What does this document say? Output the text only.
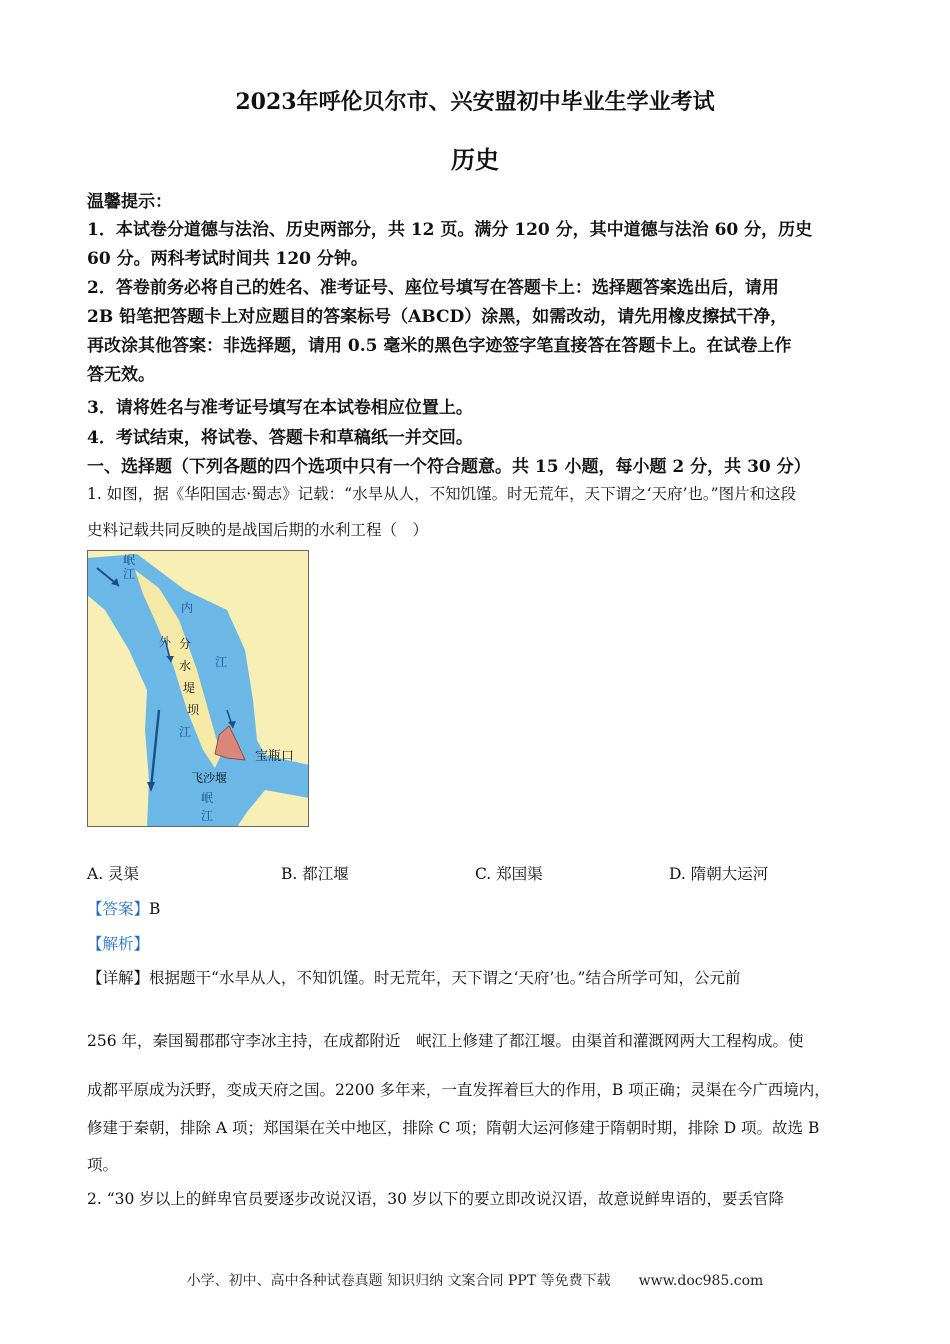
2023年呼伦贝尔市、兴安盟初中毕业生学业考试
历史
温馨提示：
1．本试卷分道德与法治、历史两部分，共 12 页。满分 120 分，其中道德与法治 60 分，历史
60 分。两科考试时间共 120 分钟。
2．答卷前务必将自己的姓名、准考证号、座位号填写在答题卡上：选择题答案选出后，请用
2B 铅笔把答题卡上对应题目的答案标号（ABCD）涂黑，如需改动，请先用橡皮擦拭干净，
再改涂其他答案：非选择题，请用 0.5 毫米的黑色字迹签字笔直接答在答题卡上。在试卷上作
答无效。
3．请将姓名与准考证号填写在本试卷相应位置上。
4．考试结束，将试卷、答题卡和草稿纸一并交回。
一、选择题（下列各题的四个选项中只有一个符合题意。共 15 小题，每小题 2 分，共 30 分）
1. 如图，据《华阳国志·蜀志》记载：“水旱从人，不知饥馑。时无荒年，天下谓之‘天府’也。”图片和这段
史料记载共同反映的是战国后期的水利工程（　）
岷江
内
江
外
江
分水堤坝
宝瓶口
飞沙堰
岷江
A. 灵渠	B. 都江堰	C. 郑国渠	D. 隋朝大运河
【答案】B
【解析】
【详解】根据题干“水旱从人，不知饥馑。时无荒年，天下谓之‘天府’也。”结合所学可知，公元前
256 年，秦国蜀郡郡守李冰主持，在成都附近　岷江上修建了都江堰。由渠首和灌溉网两大工程构成。使
成都平原成为沃野，变成天府之国。2200 多年来，一直发挥着巨大的作用，B 项正确；灵渠在今广西境内，
修建于秦朝，排除 A 项；郑国渠在关中地区，排除 C 项；隋朝大运河修建于隋朝时期，排除 D 项。故选 B
项。
2. “30 岁以上的鲜卑官员要逐步改说汉语，30 岁以下的要立即改说汉语，故意说鲜卑语的，要丢官降
小学、初中、高中各种试卷真题 知识归纳 文案合同 PPT 等免费下载　　www.doc985.com
